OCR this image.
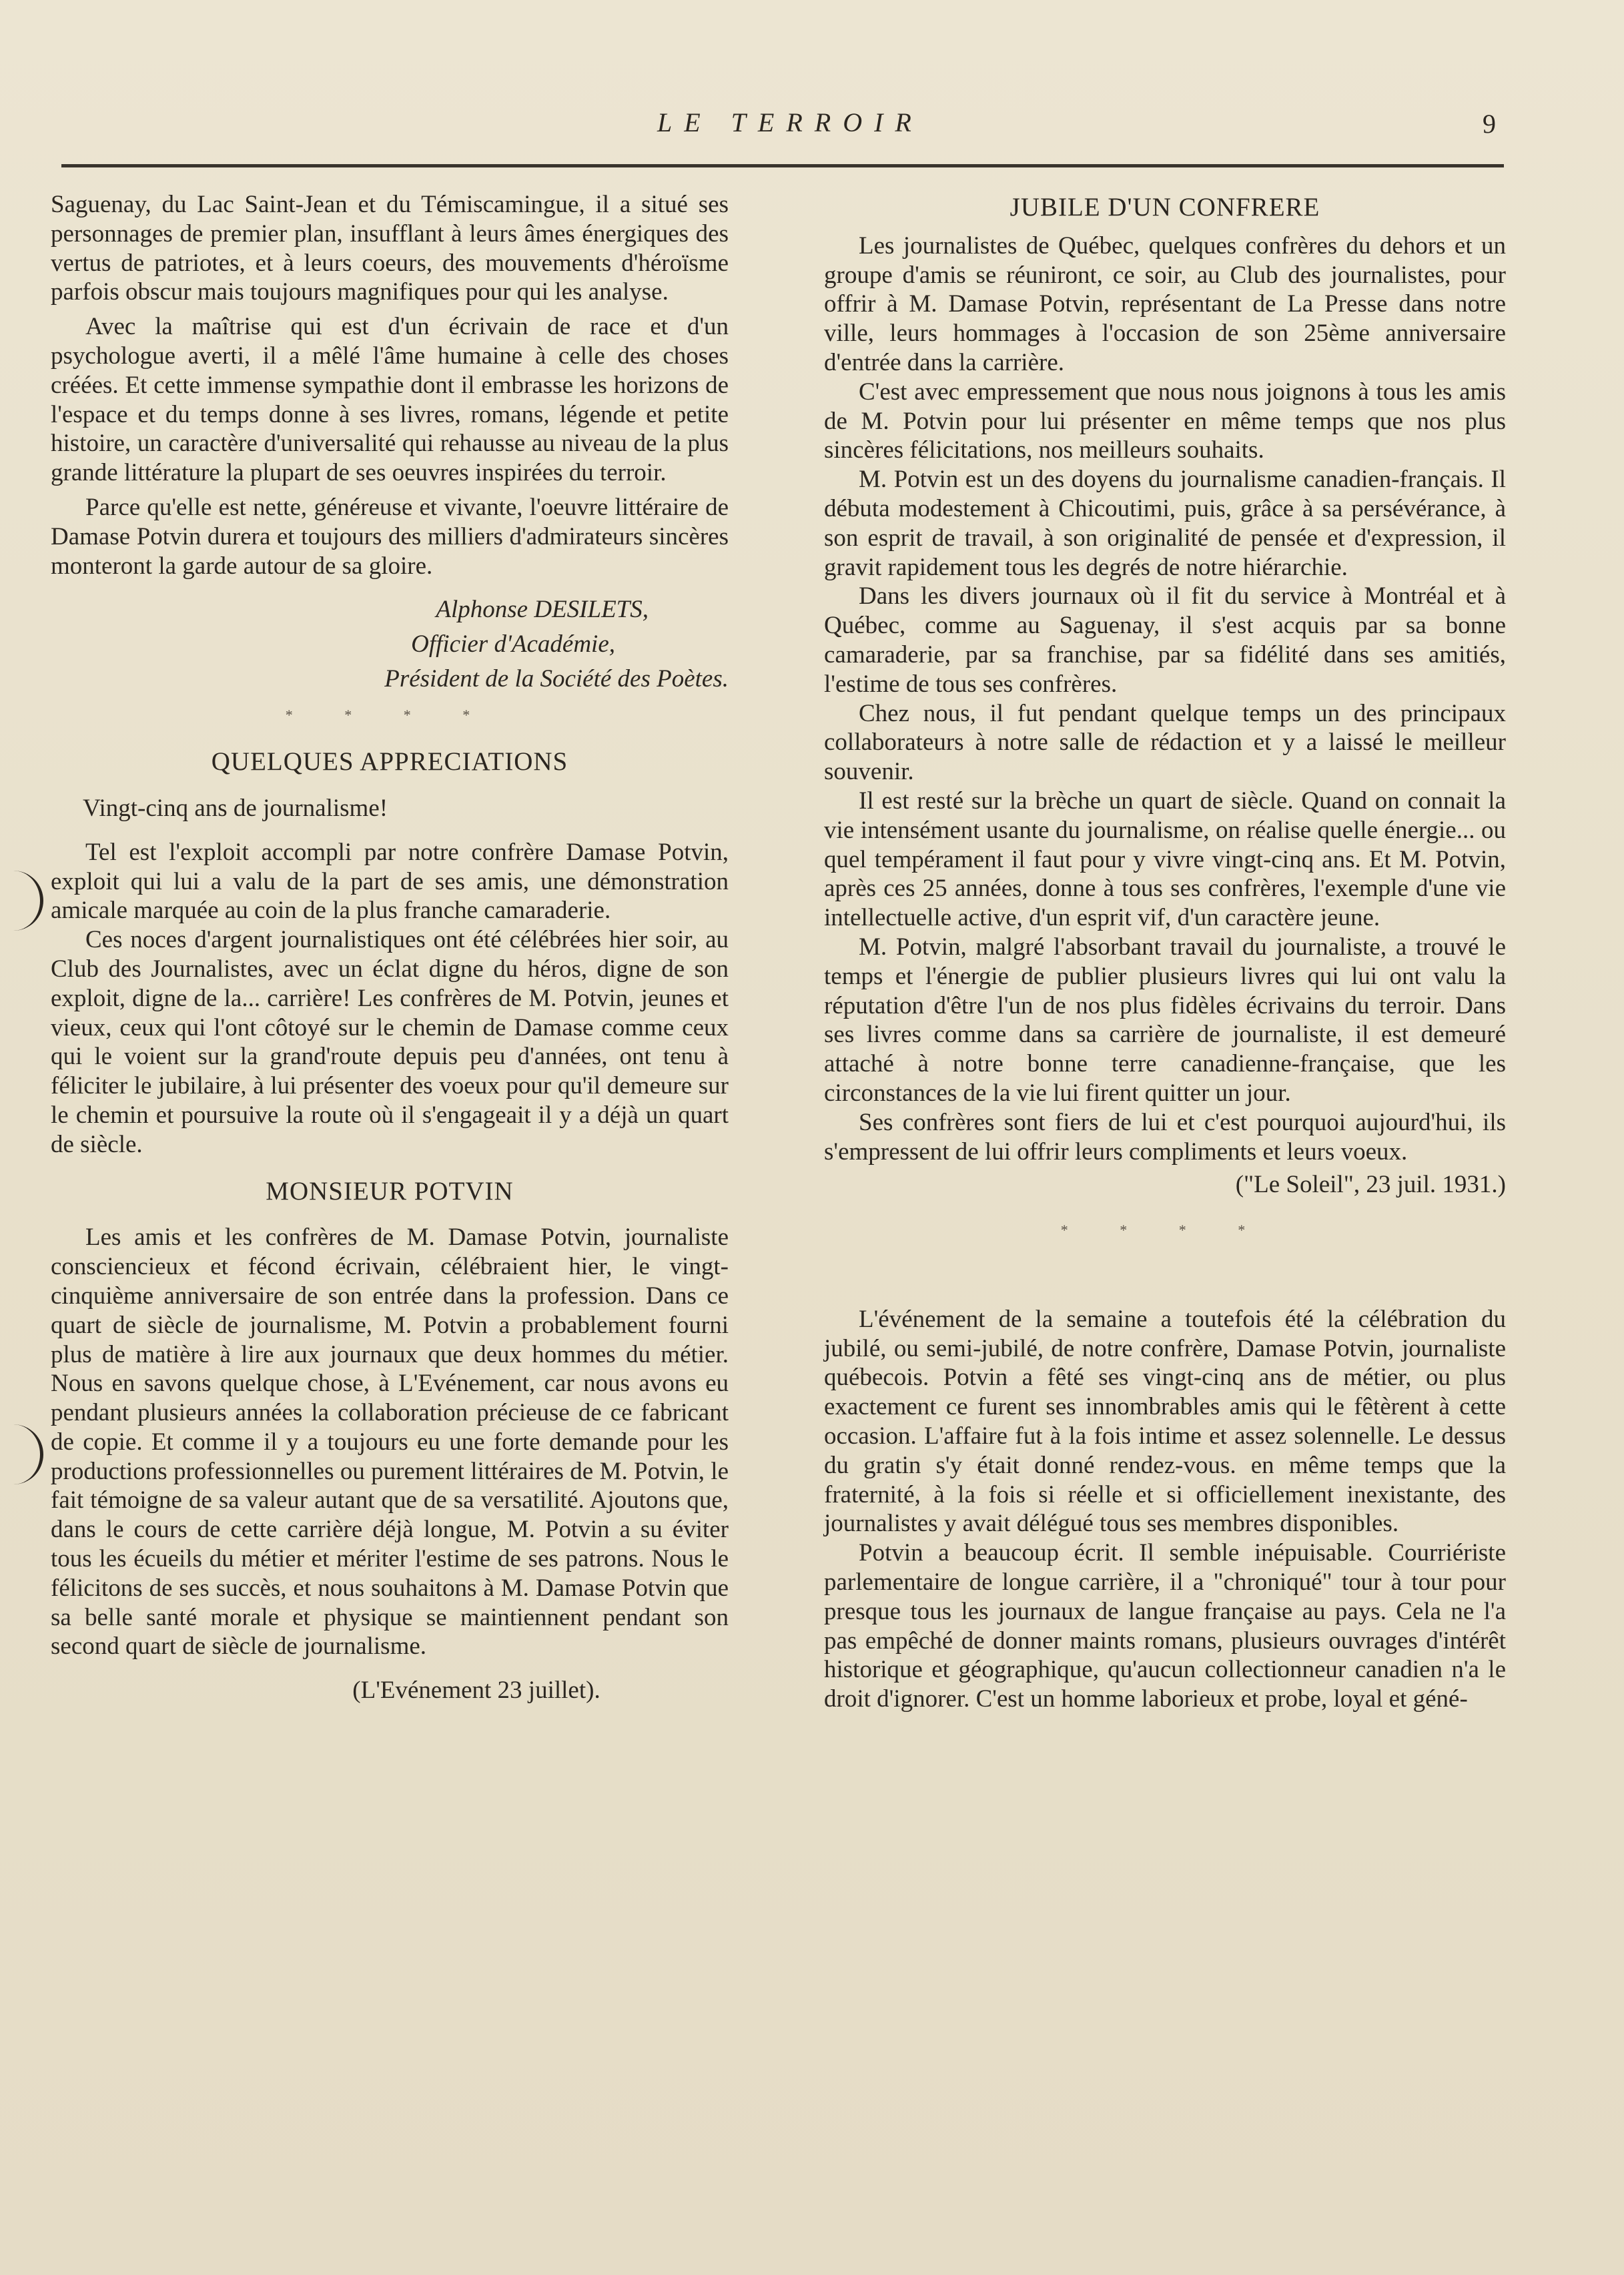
LE TERROIR	9

Saguenay, du Lac Saint-Jean et du Témiscamingue, il a situé ses personnages de premier plan, insufflant à leurs âmes énergiques des vertus de patriotes, et à leurs coeurs, des mouvements d'héroïsme parfois obscur mais toujours magnifiques pour qui les analyse.

Avec la maîtrise qui est d'un écrivain de race et d'un psychologue averti, il a mêlé l'âme humaine à celle des choses créées. Et cette immense sympathie dont il embrasse les horizons de l'espace et du temps donne à ses livres, romans, légende et petite histoire, un caractère d'universalité qui rehausse au niveau de la plus grande littérature la plupart de ses oeuvres inspirées du terroir.

Parce qu'elle est nette, généreuse et vivante, l'oeuvre littéraire de Damase Potvin durera et toujours des milliers d'admirateurs sincères monteront la garde autour de sa gloire.

Alphonse DESILETS,
Officier d'Académie,
Président de la Société des Poètes.
* * * *
QUELQUES APPRECIATIONS

Vingt-cinq ans de journalisme!

Tel est l'exploit accompli par notre confrère Damase Potvin, exploit qui lui a valu de la part de ses amis, une démonstration amicale marquée au coin de la plus franche camaraderie.

Ces noces d'argent journalistiques ont été célébrées hier soir, au Club des Journalistes, avec un éclat digne du héros, digne de son exploit, digne de la... carrière! Les confrères de M. Potvin, jeunes et vieux, ceux qui l'ont côtoyé sur le chemin de Damase comme ceux qui le voient sur la grand'route depuis peu d'années, ont tenu à féliciter le jubilaire, à lui présenter des voeux pour qu'il demeure sur le chemin et poursuive la route où il s'engageait il y a déjà un quart de siècle.

MONSIEUR POTVIN

Les amis et les confrères de M. Damase Potvin, journaliste consciencieux et fécond écrivain, célébraient hier, le vingt-cinquième anniversaire de son entrée dans la profession. Dans ce quart de siècle de journalisme, M. Potvin a probablement fourni plus de matière à lire aux journaux que deux hommes du métier. Nous en savons quelque chose, à L'Evénement, car nous avons eu pendant plusieurs années la collaboration précieuse de ce fabricant de copie. Et comme il y a toujours eu une forte demande pour les productions professionnelles ou purement littéraires de M. Potvin, le fait témoigne de sa valeur autant que de sa versatilité. Ajoutons que, dans le cours de cette carrière déjà longue, M. Potvin a su éviter tous les écueils du métier et mériter l'estime de ses patrons. Nous le félicitons de ses succès, et nous souhaitons à M. Damase Potvin que sa belle santé morale et physique se maintiennent pendant son second quart de siècle de journalisme.

(L'Evénement 23 juillet).
JUBILE D'UN CONFRERE

Les journalistes de Québec, quelques confrères du dehors et un groupe d'amis se réuniront, ce soir, au Club des journalistes, pour offrir à M. Damase Potvin, représentant de La Presse dans notre ville, leurs hommages à l'occasion de son 25ème anniversaire d'entrée dans la carrière.

C'est avec empressement que nous nous joignons à tous les amis de M. Potvin pour lui présenter en même temps que nos plus sincères félicitations, nos meilleurs souhaits.

M. Potvin est un des doyens du journalisme canadien-français. Il débuta modestement à Chicoutimi, puis, grâce à sa persévérance, à son esprit de travail, à son originalité de pensée et d'expression, il gravit rapidement tous les degrés de notre hiérarchie.

Dans les divers journaux où il fit du service à Montréal et à Québec, comme au Saguenay, il s'est acquis par sa bonne camaraderie, par sa franchise, par sa fidélité dans ses amitiés, l'estime de tous ses confrères.

Chez nous, il fut pendant quelque temps un des principaux collaborateurs à notre salle de rédaction et y a laissé le meilleur souvenir.

Il est resté sur la brèche un quart de siècle. Quand on connait la vie intensément usante du journalisme, on réalise quelle énergie... ou quel tempérament il faut pour y vivre vingt-cinq ans. Et M. Potvin, après ces 25 années, donne à tous ses confrères, l'exemple d'une vie intellectuelle active, d'un esprit vif, d'un caractère jeune.

M. Potvin, malgré l'absorbant travail du journaliste, a trouvé le temps et l'énergie de publier plusieurs livres qui lui ont valu la réputation d'être l'un de nos plus fidèles écrivains du terroir. Dans ses livres comme dans sa carrière de journaliste, il est demeuré attaché à notre bonne terre canadienne-française, que les circonstances de la vie lui firent quitter un jour.

Ses confrères sont fiers de lui et c'est pourquoi aujourd'hui, ils s'empressent de lui offrir leurs compliments et leurs voeux.

("Le Soleil", 23 juil. 1931.)
* * * *

L'événement de la semaine a toutefois été la célébration du jubilé, ou semi-jubilé, de notre confrère, Damase Potvin, journaliste québecois. Potvin a fêté ses vingt-cinq ans de métier, ou plus exactement ce furent ses innombrables amis qui le fêtèrent à cette occasion. L'affaire fut à la fois intime et assez solennelle. Le dessus du gratin s'y était donné rendez-vous. en même temps que la fraternité, à la fois si réelle et si officiellement inexistante, des journalistes y avait délégué tous ses membres disponibles.

Potvin a beaucoup écrit. Il semble inépuisable. Courriériste parlementaire de longue carrière, il a "chroniqué" tour à tour pour presque tous les journaux de langue française au pays. Cela ne l'a pas empêché de donner maints romans, plusieurs ouvrages d'intérêt historique et géographique, qu'aucun collectionneur canadien n'a le droit d'ignorer. C'est un homme laborieux et probe, loyal et géné-
